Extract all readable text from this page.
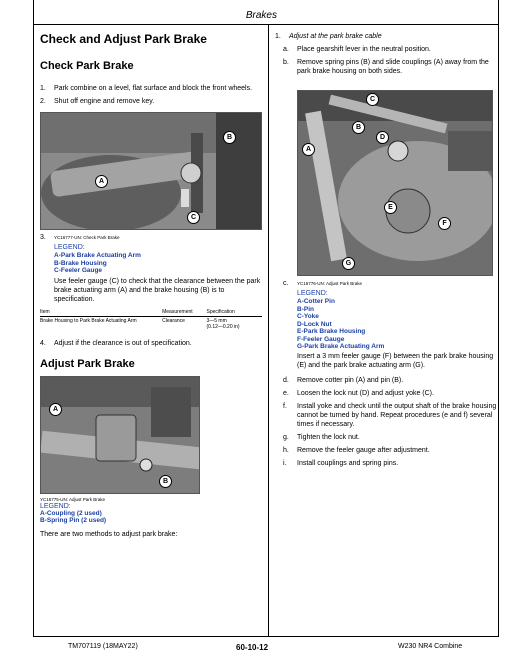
Brakes
Check and Adjust Park Brake
Check Park Brake
1.	Park combine on a level, flat surface and block the front wheels.
2.	Shut off engine and remove key.
A
B
C
3.	YC16777-UN: Check Park Brake
LEGEND:
A-Park Brake Actuating Arm
B-Brake Housing
C-Feeler Gauge
Use feeler gauge (C) to check that the clearance between the park brake actuating arm (A) and the brake housing (B) is to specification.
Item	Measurement	Specification
Brake Housing to Park Brake Actuating Arm	Clearance	3—5 mm
(0.12—0.20 in)
4.	Adjust if the clearance is out of specification.
Adjust Park Brake
A
B
YC16775-UN: Adjust Park Brake
LEGEND:
A-Coupling (2 used)
B-Spring Pin (2 used)
There are two methods to adjust park brake:
1.	Adjust at the park brake cable
a.	Place gearshift lever in the neutral position.
b.	Remove spring pins (B) and slide couplings (A) away from the park brake housing on both sides.
C
B
D
A
E
F
G
c.	YC16776-UN: Adjust Park Brake
LEGEND:
A-Cotter Pin
B-Pin
C-Yoke
D-Lock Nut
E-Park Brake Housing
F-Feeler Gauge
G-Park Brake Actuating Arm
Insert a 3 mm feeler gauge (F) between the park brake housing (E) and the park brake actuating arm (G).
d.	Remove cotter pin (A) and pin (B).
e.	Loosen the lock nut (D) and adjust yoke (C).
f.	Install yoke and check until the output shaft of the brake housing cannot be turned by hand. Repeat procedures (e and f) several times if necessary.
g.	Tighten the lock nut.
h.	Remove the feeler gauge after adjustment.
i.	Install couplings and spring pins.
TM707119 (18MAY22)	60-10-12	W230 NR4 Combine
